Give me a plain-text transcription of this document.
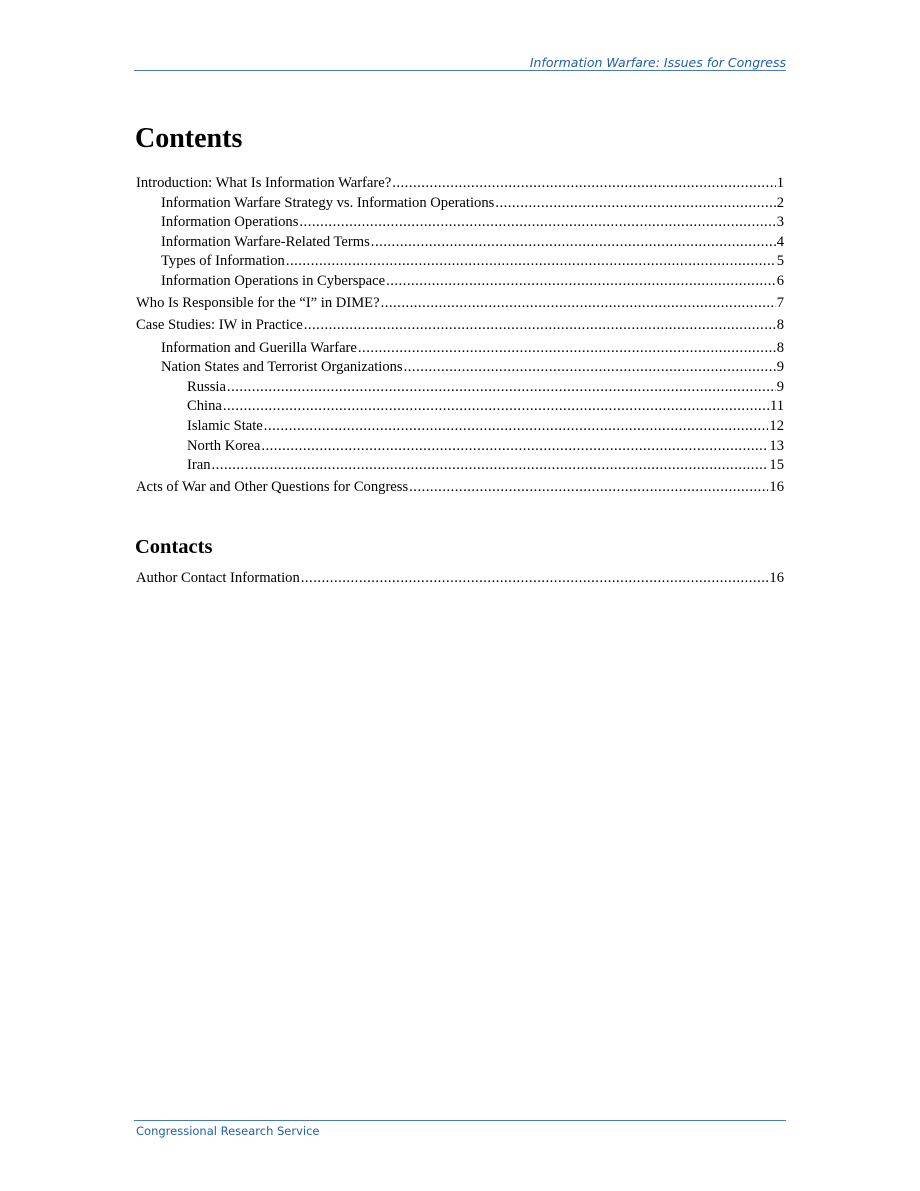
Information Warfare: Issues for Congress
Contents
Introduction: What Is Information Warfare? .....	1
Information Warfare Strategy vs. Information Operations .....	2
Information Operations .....	3
Information Warfare-Related Terms .....	4
Types of Information .....	5
Information Operations in Cyberspace .....	6
Who Is Responsible for the “I” in DIME? .....	7
Case Studies: IW in Practice .....	8
Information and Guerilla Warfare .....	8
Nation States and Terrorist Organizations .....	9
Russia .....	9
China .....	11
Islamic State .....	12
North Korea .....	13
Iran .....	15
Acts of War and Other Questions for Congress .....	16
Contacts
Author Contact Information .....	16
Congressional Research Service
